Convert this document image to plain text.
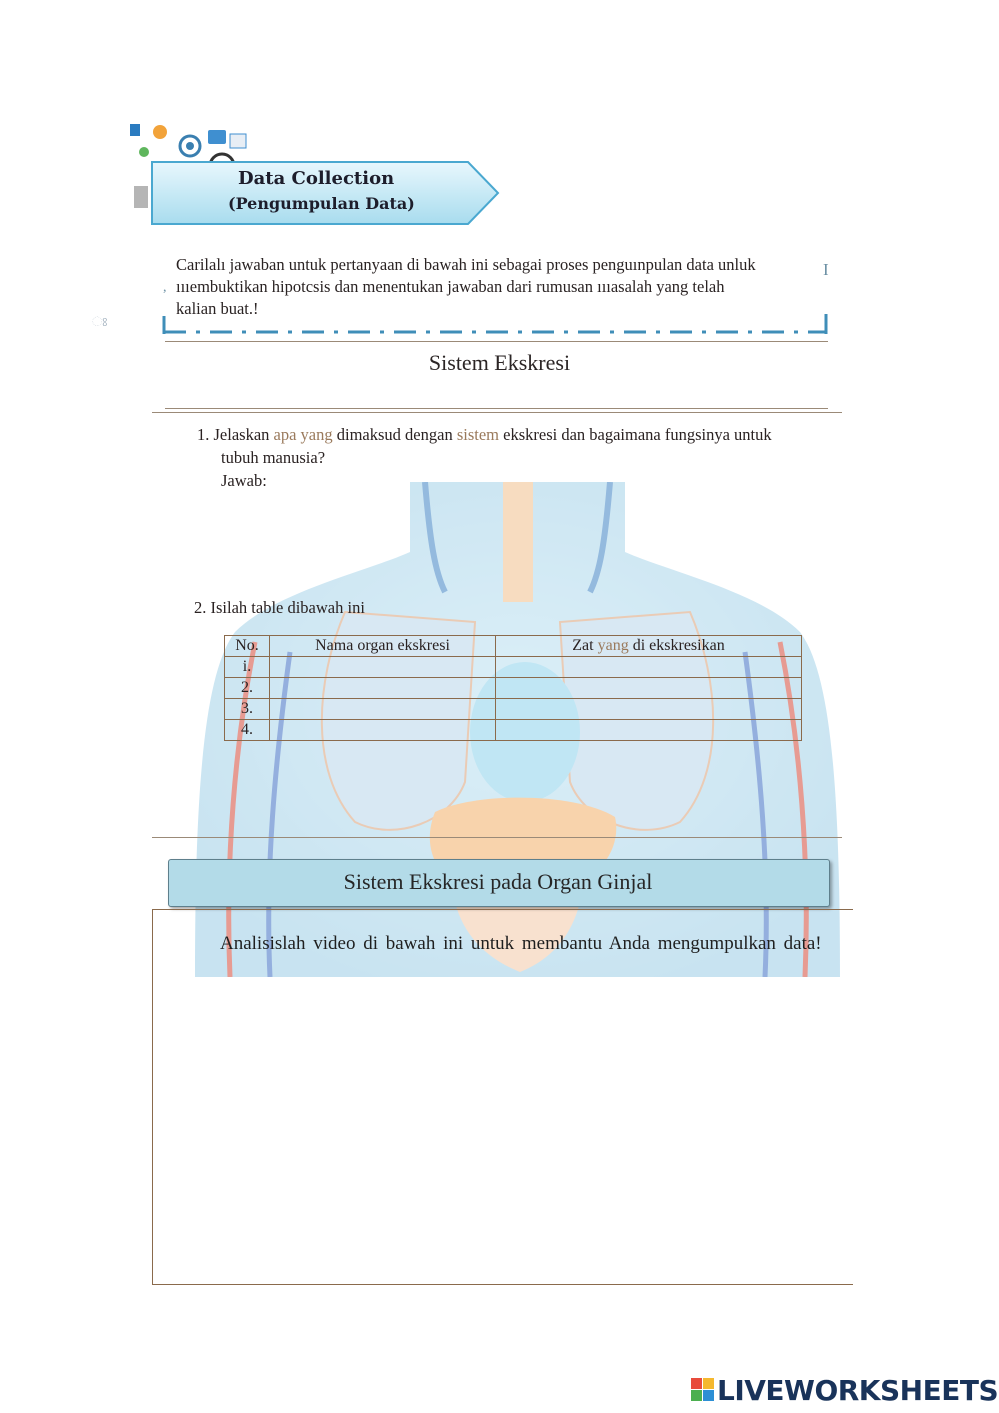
Data Collection
(Pengumpulan Data)
,
Carilalı jawaban untuk pertanyaan di bawah ini sebagai proses penguınpulan data unluk
ıııembuktikan hipotcsis dan menentukan jawaban dari rumusan ıııasalah yang telah
kalian buat.!
I
ଃ
Sistem Ekskresi
1. Jelaskan apa yang dimaksud dengan sistem ekskresi dan bagaimana fungsinya untuk
tubuh manusia?
Jawab:
2. Isilah table dibawah ini
No.	Nama organ ekskresi	Zat yang di ekskresikan
i.		
2.		
3.		
4.		
Sistem Ekskresi pada Organ Ginjal
Analisislah video di bawah ini untuk membantu Anda mengumpulkan data!
LIVEWORKSHEETS
